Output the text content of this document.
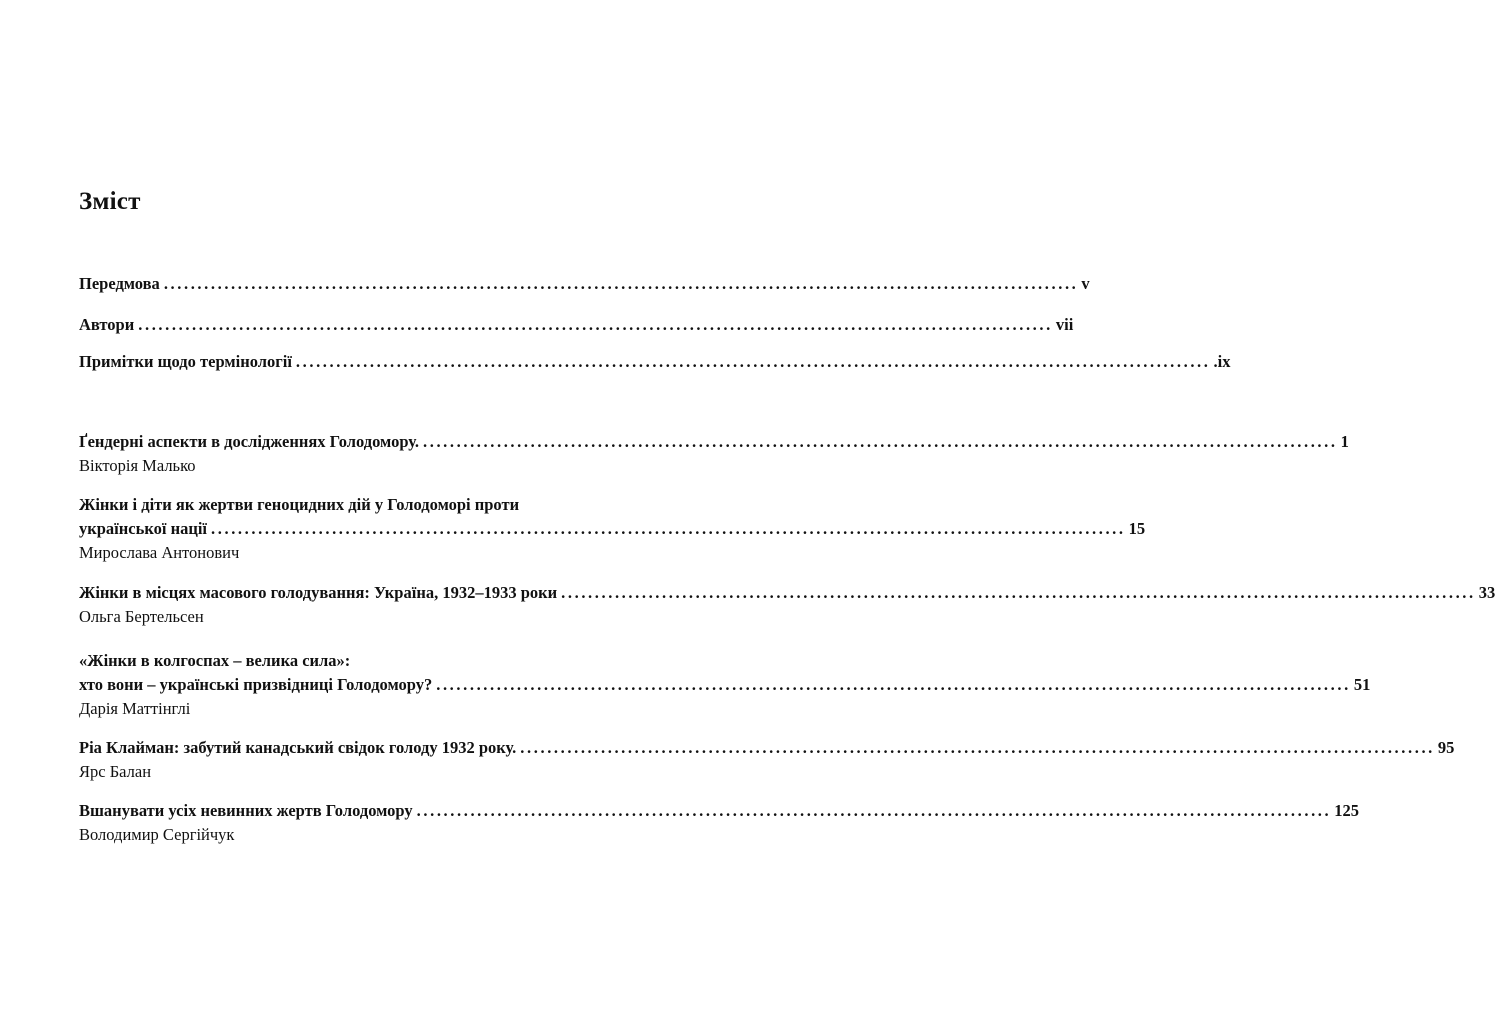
Зміст
Передмова ........................................................................................................................................ v
Автори ........................................................................................................................................ vii
Примітки щодо термінології ........................................................................................................................................ .ix
Ґендерні аспекти в дослідженнях Голодомору. ........................................................................................................................................ 1
Вікторія Малько
Жінки і діти як жертви геноцидних дій у Голодоморі проти
української нації ........................................................................................................................................ 15
Мирослава Антонович
Жінки в місцях масового голодування: Україна, 1932–1933 роки ........................................................................................................................................ 33
Ольга Бертельсен
«Жінки в колгоспах – велика сила»:
хто вони – українські призвідниці Голодомору? ........................................................................................................................................ 51
Дарія Маттінглі
Ріа Клайман: забутий канадський свідок голоду 1932 року. ........................................................................................................................................ 95
Ярс Балан
Вшанувати усіх невинних жертв Голодомору ........................................................................................................................................ 125
Володимир Сергійчук
